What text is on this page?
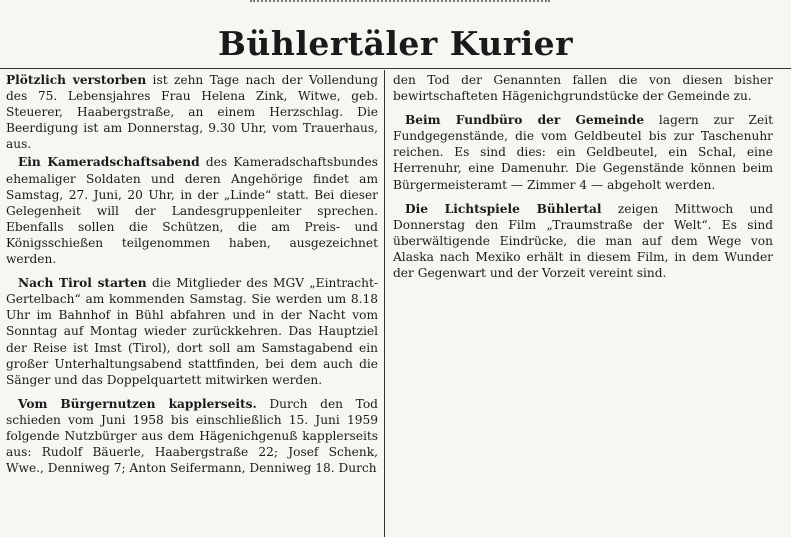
Bühlertäler Kurier

Plötzlich verstorben ist zehn Tage nach der Vollendung des 75. Lebensjahres Frau Helena Zink, Witwe, geb. Steuerer, Haabergstraße, an einem Herzschlag. Die Beerdigung ist am Donnerstag, 9.30 Uhr, vom Trauerhaus, aus.

Ein Kameradschaftsabend des Kameradschaftsbundes ehemaliger Soldaten und deren Angehörige findet am Samstag, 27. Juni, 20 Uhr, in der „Linde“ statt. Bei dieser Gelegenheit will der Landesgruppenleiter sprechen. Ebenfalls sollen die Schützen, die am Preis- und Königsschießen teilgenommen haben, ausgezeichnet werden.

Nach Tirol starten die Mitglieder des MGV „Eintracht-Gertelbach“ am kommenden Samstag. Sie werden um 8.18 Uhr im Bahnhof in Bühl abfahren und in der Nacht vom Sonntag auf Montag wieder zurückkehren. Das Hauptziel der Reise ist Imst (Tirol), dort soll am Samstagabend ein großer Unterhaltungsabend stattfinden, bei dem auch die Sänger und das Doppelquartett mitwirken werden.

Vom Bürgernutzen kapplerseits. Durch den Tod schieden vom Juni 1958 bis einschließlich 15. Juni 1959 folgende Nutzbürger aus dem Hägenichgenuß kapplerseits aus: Rudolf Bäuerle, Haabergstraße 22; Josef Schenk, Wwe., Denniweg 7; Anton Seifermann, Denniweg 18. Durch

den Tod der Genannten fallen die von diesen bisher bewirtschafteten Hägenichgrundstücke der Gemeinde zu.

Beim Fundbüro der Gemeinde lagern zur Zeit Fundgegenstände, die vom Geldbeutel bis zur Taschenuhr reichen. Es sind dies: ein Geldbeutel, ein Schal, eine Herrenuhr, eine Damenuhr. Die Gegenstände können beim Bürgermeisteramt — Zimmer 4 — abgeholt werden.

Die Lichtspiele Bühlertal zeigen Mittwoch und Donnerstag den Film „Traumstraße der Welt“. Es sind überwältigende Eindrücke, die man auf dem Wege von Alaska nach Mexiko erhält in diesem Film, in dem Wunder der Gegenwart und der Vorzeit vereint sind.
